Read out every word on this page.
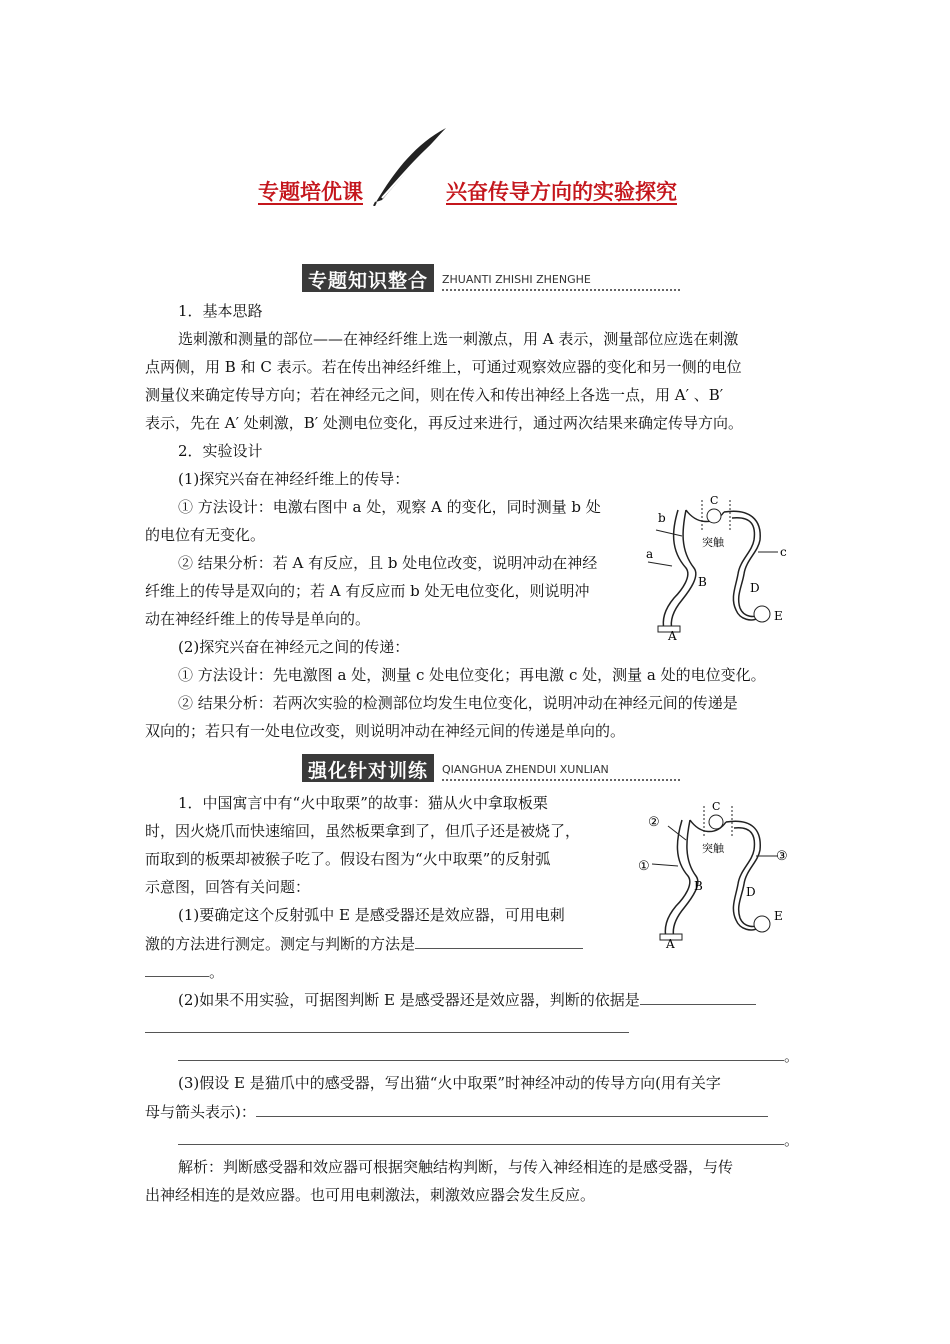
专题培优课	兴奋传导方向的实验探究
专题知识整合	ZHUANTI ZHISHI ZHENGHE
1．基本思路
选刺激和测量的部位——在神经纤维上选一刺激点，用 A 表示，测量部位应选在刺激
点两侧，用 B 和 C 表示。若在传出神经纤维上，可通过观察效应器的变化和另一侧的电位
测量仪来确定传导方向；若在神经元之间，则在传入和传出神经上各选一点，用 A′ 、B′
表示，先在 A′ 处刺激，B′ 处测电位变化，再反过来进行，通过两次结果来确定传导方向。
2．实验设计
(1)探究兴奋在神经纤维上的传导：
① 方法设计：电激右图中 a 处，观察 A 的变化，同时测量 b 处
的电位有无变化。
② 结果分析：若 A 有反应，且 b 处电位改变，说明冲动在神经
纤维上的传导是双向的；若 A 有反应而 b 处无电位变化，则说明冲
动在神经纤维上的传导是单向的。
(2)探究兴奋在神经元之间的传递：
① 方法设计：先电激图 a 处，测量 c 处电位变化；再电激 c 处，测量 a 处的电位变化。
② 结果分析：若两次实验的检测部位均发生电位变化，说明冲动在神经元间的传递是
双向的；若只有一处电位改变，则说明冲动在神经元间的传递是单向的。
b
C
突触
a	c
B	D
E
A
强化针对训练	QIANGHUA ZHENDUI XUNLIAN
1．中国寓言中有“火中取栗”的故事：猫从火中拿取板栗
时，因火烧爪而快速缩回，虽然板栗拿到了，但爪子还是被烧了，
而取到的板栗却被猴子吃了。假设右图为“火中取栗”的反射弧
示意图，回答有关问题：
(1)要确定这个反射弧中 E 是感受器还是效应器，可用电刺
激的方法进行测定。测定与判断的方法是
。
(2)如果不用实验，可据图判断 E 是感受器还是效应器，判断的依据是
。
(3)假设 E 是猫爪中的感受器，写出猫“火中取栗”时神经冲动的传导方向(用有关字
母与箭头表示)：
。
解析：判断感受器和效应器可根据突触结构判断，与传入神经相连的是感受器，与传
出神经相连的是效应器。也可用电刺激法，刺激效应器会发生反应。
②
C
突触
①
③
B	D
E
A
